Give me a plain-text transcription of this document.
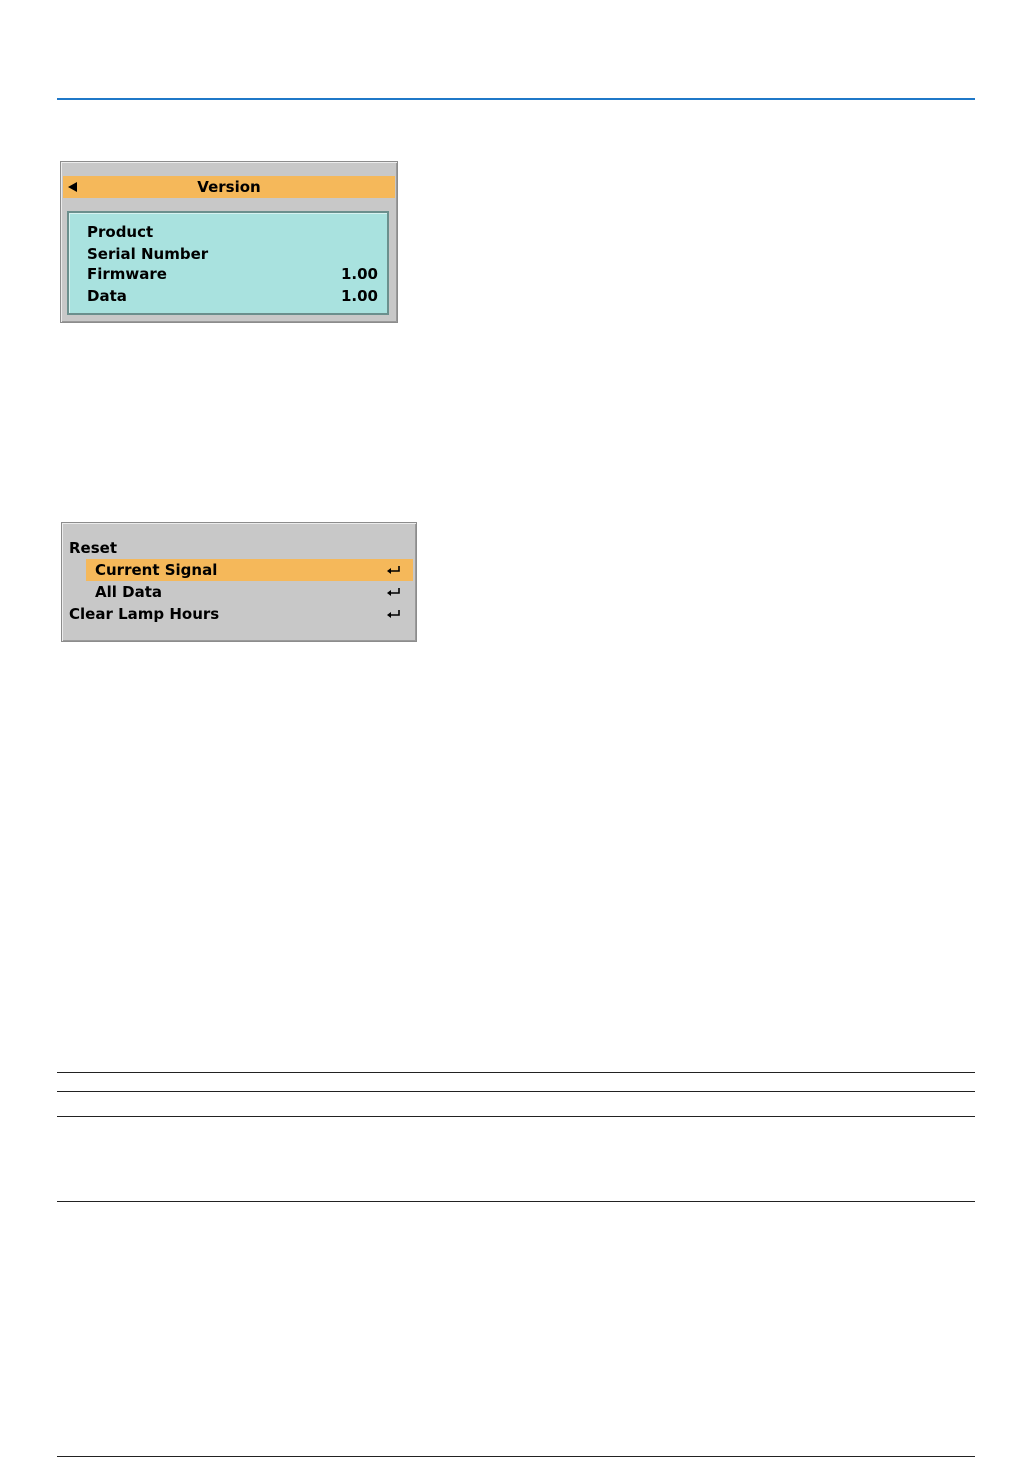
Version
Product
Serial Number
Firmware	1.00
Data	1.00
Reset
Current Signal
All Data
Clear Lamp Hours
